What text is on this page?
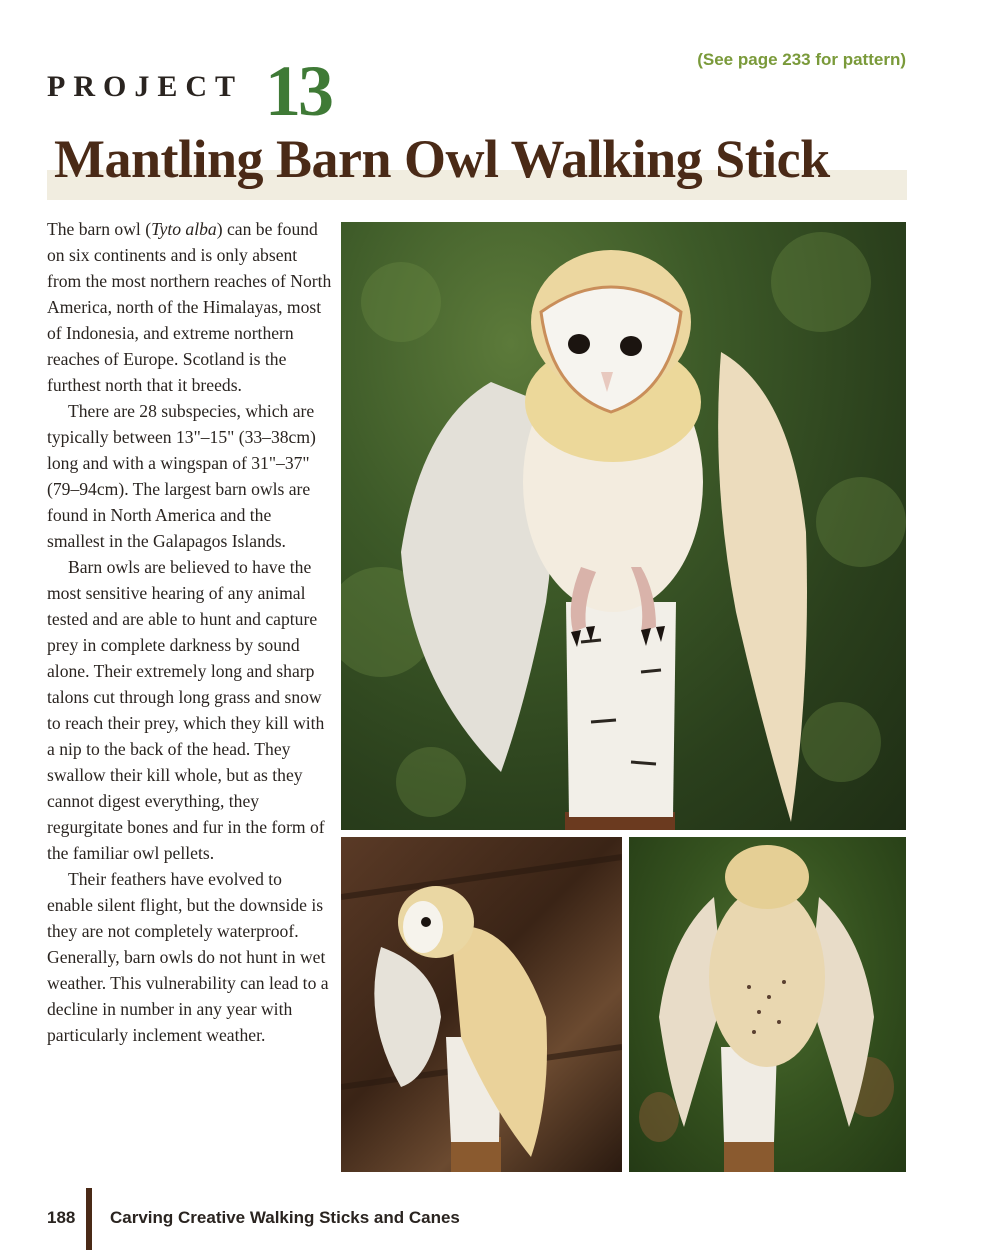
(See page 233 for pattern)
PROJECT 13
Mantling Barn Owl Walking Stick

The barn owl (Tyto alba) can be found on six continents and is only absent from the most northern reaches of North America, north of the Himalayas, most of Indonesia, and extreme northern reaches of Europe. Scotland is the furthest north that it breeds.

There are 28 subspecies, which are typically between 13"–15" (33–38cm) long and with a wingspan of 31"–37" (79–94cm). The largest barn owls are found in North America and the smallest in the Galapagos Islands.

Barn owls are believed to have the most sensitive hearing of any animal tested and are able to hunt and capture prey in complete darkness by sound alone. Their extremely long and sharp talons cut through long grass and snow to reach their prey, which they kill with a nip to the back of the head. They swallow their kill whole, but as they cannot digest everything, they regurgitate bones and fur in the form of the familiar owl pellets.

Their feathers have evolved to enable silent flight, but the downside is they are not completely waterproof. Generally, barn owls do not hunt in wet weather. This vulnerability can lead to a decline in number in any year with particularly inclement weather.

188 Carving Creative Walking Sticks and Canes
